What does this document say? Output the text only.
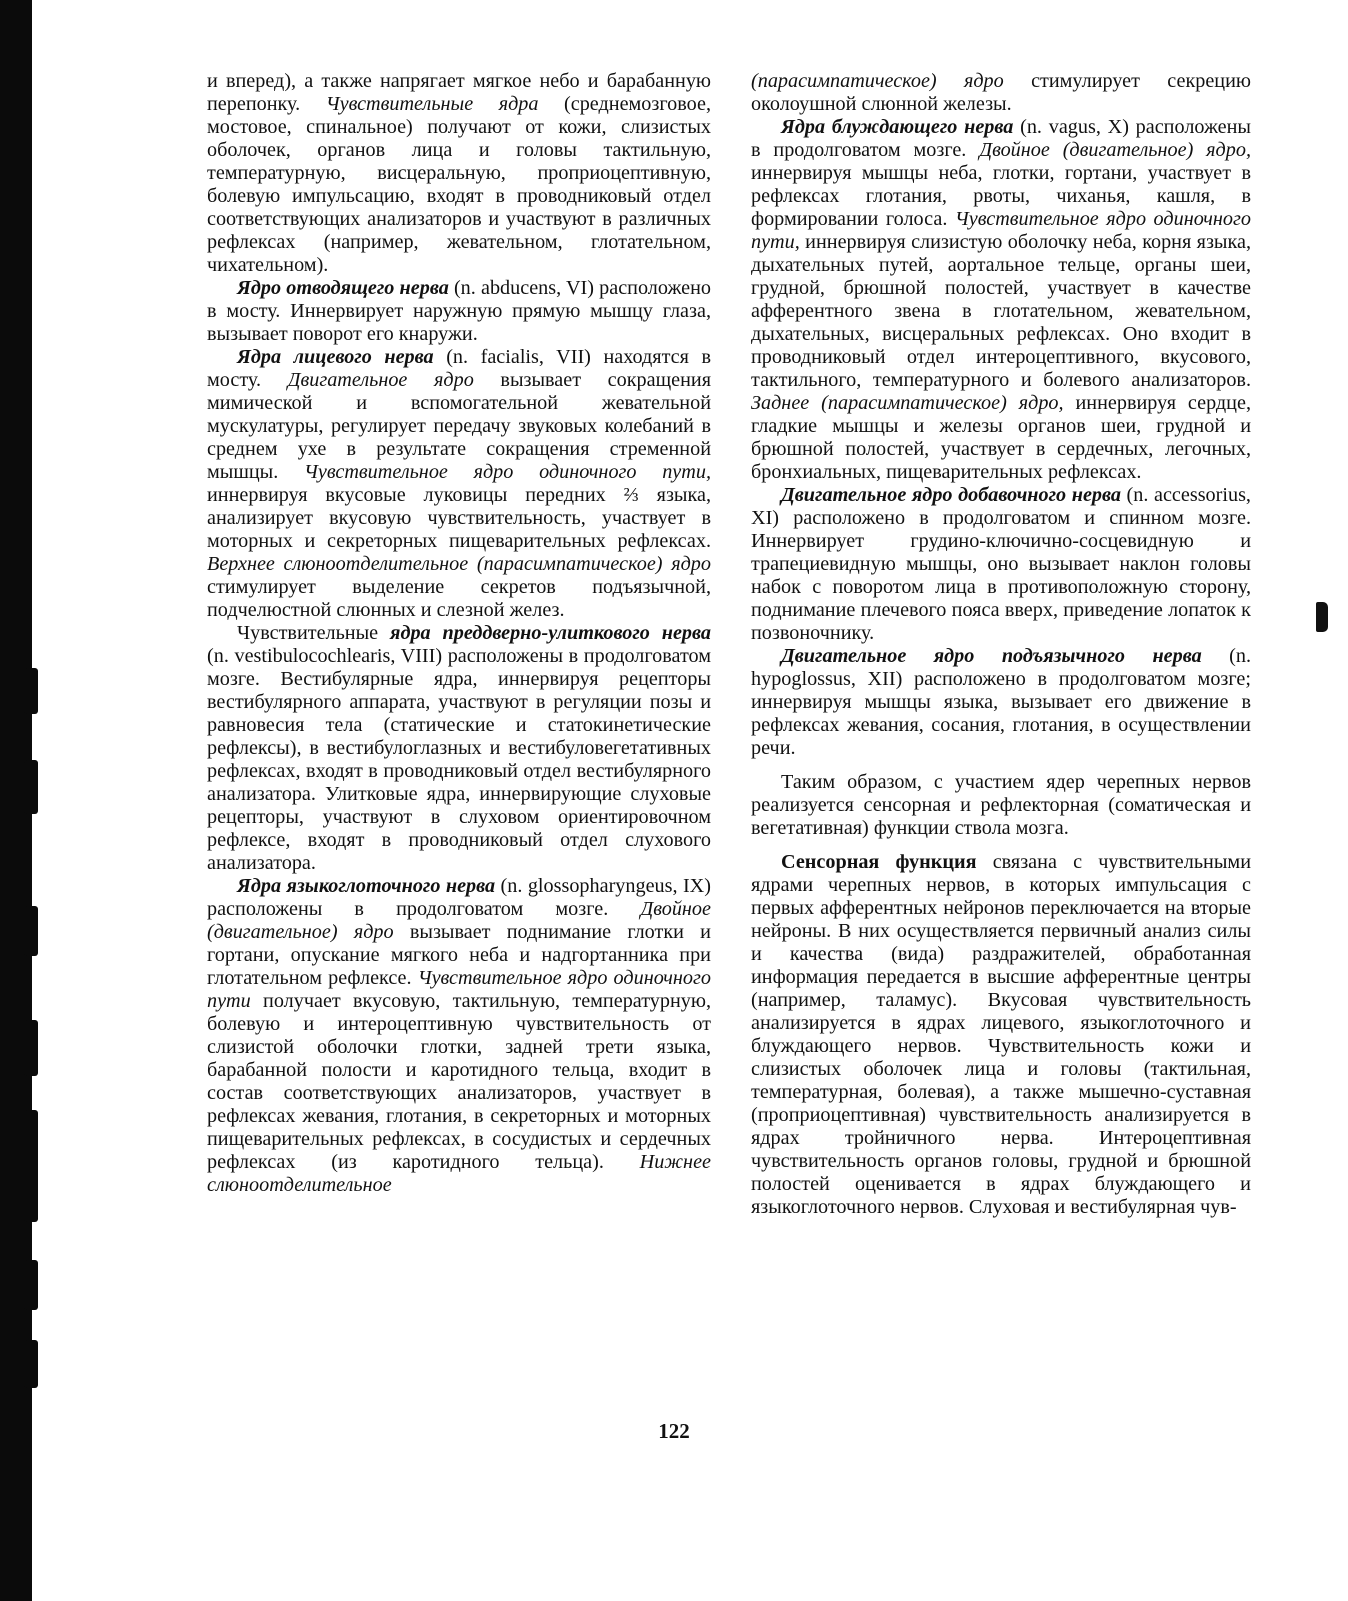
и вперед), а также напрягает мягкое небо и барабанную перепонку. Чувствительные ядра (среднемозговое, мостовое, спинальное) получают от кожи, слизистых оболочек, органов лица и головы тактильную, температурную, висцеральную, проприоцептивную, болевую импульсацию, входят в проводниковый отдел соответствующих анализаторов и участвуют в различных рефлексах (например, жевательном, глотательном, чихательном).

Ядро отводящего нерва (n. abducens, VI) расположено в мосту. Иннервирует наружную прямую мышцу глаза, вызывает поворот его кнаружи.

Ядра лицевого нерва (n. facialis, VII) находятся в мосту. Двигательное ядро вызывает сокращения мимической и вспомогательной жевательной мускулатуры, регулирует передачу звуковых колебаний в среднем ухе в результате сокращения стременной мышцы. Чувствительное ядро одиночного пути, иннервируя вкусовые луковицы передних ⅔ языка, анализирует вкусовую чувствительность, участвует в моторных и секреторных пищеварительных рефлексах. Верхнее слюноотделительное (парасимпатическое) ядро стимулирует выделение секретов подъязычной, подчелюстной слюнных и слезной желез.

Чувствительные ядра преддверно-улиткового нерва (n. vestibulocochlearis, VIII) расположены в продолговатом мозге. Вестибулярные ядра, иннервируя рецепторы вестибулярного аппарата, участвуют в регуляции позы и равновесия тела (статические и статокинетические рефлексы), в вестибулоглазных и вестибуловегетативных рефлексах, входят в проводниковый отдел вестибулярного анализатора. Улитковые ядра, иннервирующие слуховые рецепторы, участвуют в слуховом ориентировочном рефлексе, входят в проводниковый отдел слухового анализатора.

Ядра языкоглоточного нерва (n. glossopharyngeus, IX) расположены в продолговатом мозге. Двойное (двигательное) ядро вызывает поднимание глотки и гортани, опускание мягкого неба и надгортанника при глотательном рефлексе. Чувствительное ядро одиночного пути получает вкусовую, тактильную, температурную, болевую и интероцептивную чувствительность от слизистой оболочки глотки, задней трети языка, барабанной полости и каротидного тельца, входит в состав соответствующих анализаторов, участвует в рефлексах жевания, глотания, в секреторных и моторных пищеварительных рефлексах, в сосудистых и сердечных рефлексах (из каротидного тельца). Нижнее слюноотделительное

(парасимпатическое) ядро стимулирует секрецию околоушной слюнной железы.

Ядра блуждающего нерва (n. vagus, X) расположены в продолговатом мозге. Двойное (двигательное) ядро, иннервируя мышцы неба, глотки, гортани, участвует в рефлексах глотания, рвоты, чиханья, кашля, в формировании голоса. Чувствительное ядро одиночного пути, иннервируя слизистую оболочку неба, корня языка, дыхательных путей, аортальное тельце, органы шеи, грудной, брюшной полостей, участвует в качестве афферентного звена в глотательном, жевательном, дыхательных, висцеральных рефлексах. Оно входит в проводниковый отдел интероцептивного, вкусового, тактильного, температурного и болевого анализаторов. Заднее (парасимпатическое) ядро, иннервируя сердце, гладкие мышцы и железы органов шеи, грудной и брюшной полостей, участвует в сердечных, легочных, бронхиальных, пищеварительных рефлексах.

Двигательное ядро добавочного нерва (n. accessorius, XI) расположено в продолговатом и спинном мозге. Иннервирует грудино-ключично-сосцевидную и трапециевидную мышцы, оно вызывает наклон головы набок с поворотом лица в противоположную сторону, поднимание плечевого пояса вверх, приведение лопаток к позвоночнику.

Двигательное ядро подъязычного нерва (n. hypoglossus, XII) расположено в продолговатом мозге; иннервируя мышцы языка, вызывает его движение в рефлексах жевания, сосания, глотания, в осуществлении речи.

Таким образом, с участием ядер черепных нервов реализуется сенсорная и рефлекторная (соматическая и вегетативная) функции ствола мозга.

Сенсорная функция связана с чувствительными ядрами черепных нервов, в которых импульсация с первых афферентных нейронов переключается на вторые нейроны. В них осуществляется первичный анализ силы и качества (вида) раздражителей, обработанная информация передается в высшие афферентные центры (например, таламус). Вкусовая чувствительность анализируется в ядрах лицевого, языкоглоточного и блуждающего нервов. Чувствительность кожи и слизистых оболочек лица и головы (тактильная, температурная, болевая), а также мышечно-суставная (проприоцептивная) чувствительность анализируется в ядрах тройничного нерва. Интероцептивная чувствительность органов головы, грудной и брюшной полостей оценивается в ядрах блуждающего и языкоглоточного нервов. Слуховая и вестибулярная чув-

122
